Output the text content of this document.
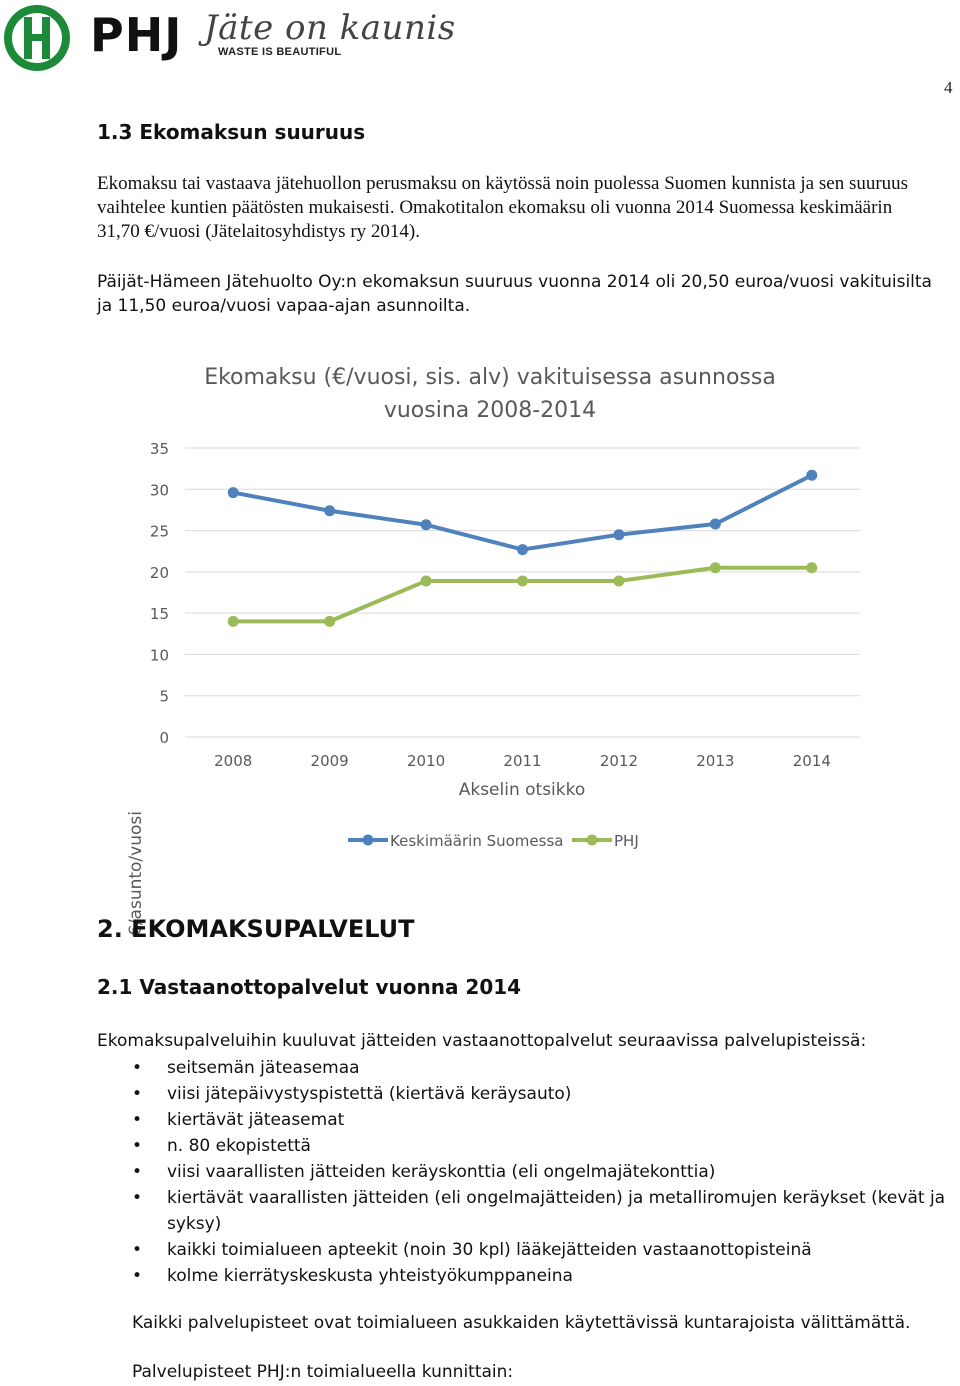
PHJ Jäte on kaunis
WASTE IS BEAUTIFUL
4
1.3 Ekomaksun suuruus

Ekomaksu tai vastaava jätehuollon perusmaksu on käytössä noin puolessa Suomen kunnista ja sen suuruus vaihtelee kuntien päätösten mukaisesti. Omakotitalon ekomaksu oli vuonna 2014 Suomessa keskimäärin 31,70 €/vuosi (Jätelaitosyhdistys ry 2014).

Päijät-Hämeen Jätehuolto Oy:n ekomaksun suuruus vuonna 2014 oli 20,50 euroa/vuosi vakituisilta ja 11,50 euroa/vuosi vapaa-ajan asunnoilta.

Ekomaksu (€/vuosi, sis. alv) vakituisessa asunnossa
vuosina 2008-2014
€/asunto/vuosi
35
30
25
20
15
10
5
0
2008	2009	2010	2011	2012	2013	2014
Akselin otsikko
Keskimäärin Suomessa	PHJ
2. EKOMAKSUPALVELUT
2.1 Vastaanottopalvelut vuonna 2014

Ekomaksupalveluihin kuuluvat jätteiden vastaanottopalvelut seuraavissa palvelupisteissä:

• seitsemän jäteasemaa
• viisi jätepäivystyspistettä (kiertävä keräysauto)
• kiertävät jäteasemat
• n. 80 ekopistettä
• viisi vaarallisten jätteiden keräyskonttia (eli ongelmajätekonttia)
• kiertävät vaarallisten jätteiden (eli ongelmajätteiden) ja metalliromujen keräykset (kevät ja syksy)
• kaikki toimialueen apteekit (noin 30 kpl) lääkejätteiden vastaanottopisteinä
• kolme kierrätyskeskusta yhteistyökumppaneina

Kaikki palvelupisteet ovat toimialueen asukkaiden käytettävissä kuntarajoista välittämättä.

Palvelupisteet PHJ:n toimialueella kunnittain:
